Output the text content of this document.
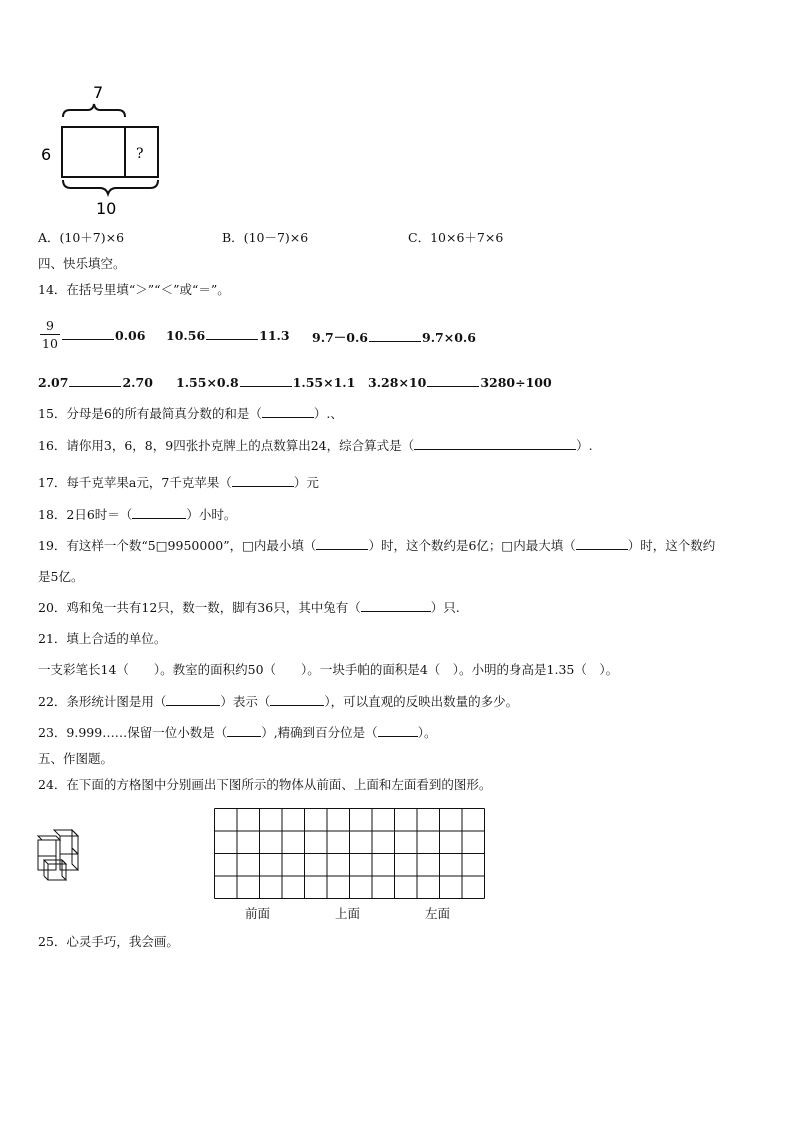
7
?
6
10
A．(10＋7)×6	B．(10－7)×6	C．10×6＋7×6
四、快乐填空。
14．在括号里填“＞”“＜”或“＝”。
9
10
0.06 10.56	11.3 9.7－0.6	9.7×0.6
2.07	2.70 1.55×0.8	1.55×1.1 3.28×10	3280÷100
15．分母是6的所有最简真分数的和是（	）.、
16．请你用3，6，8，9四张扑克牌上的点数算出24，综合算式是（	）.
17．每千克苹果a元，7千克苹果（	）元
18．2日6时＝（	）小时。
19．有这样一个数“5□9950000”，□内最小填（	）时，这个数约是6亿；□内最大填（	）时，这个数约
是5亿。
20．鸡和兔一共有12只，数一数，脚有36只，其中兔有（	）只.
21．填上合适的单位。
一支彩笔长14（　　）。教室的面积约50（　　）。一块手帕的面积是4（　）。小明的身高是1.35（　）。
22．条形统计图是用（	）表示（	），可以直观的反映出数量的多少。
23．9.999……保留一位小数是（	）,精确到百分位是（	）。
五、作图题。
24．在下面的方格图中分别画出下图所示的物体从前面、上面和左面看到的图形。
前面	上面	左面
25．心灵手巧，我会画。
